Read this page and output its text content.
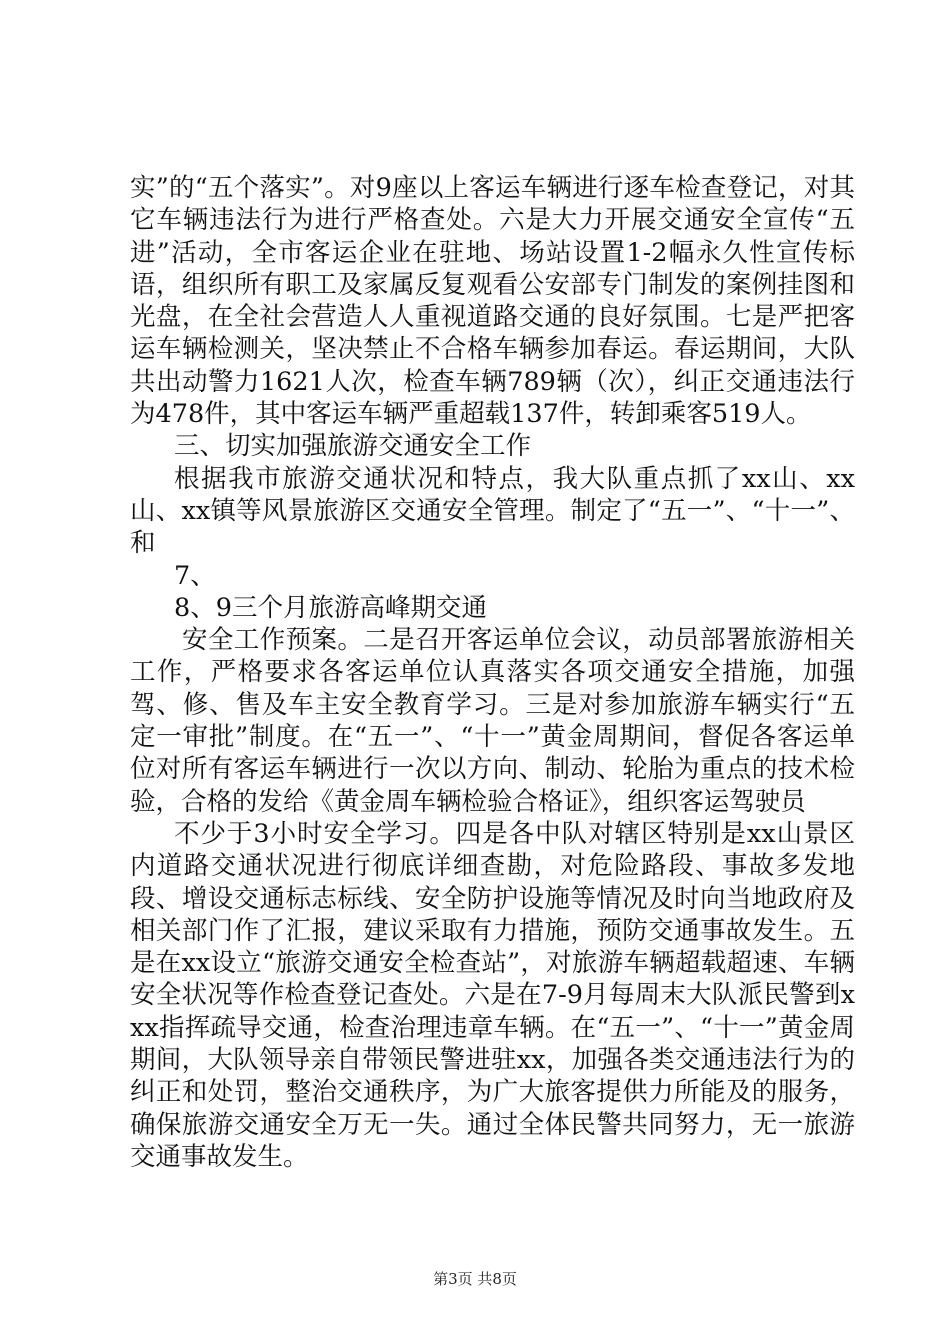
实”的“五个落实”。对9座以上客运车辆进行逐车检查登记，对其它车辆违法行为进行严格查处。六是大力开展交通安全宣传“五进”活动，全市客运企业在驻地、场站设置1-2幅永久性宣传标语，组织所有职工及家属反复观看公安部专门制发的案例挂图和光盘，在全社会营造人人重视道路交通的良好氛围。七是严把客运车辆检测关，坚决禁止不合格车辆参加春运。春运期间，大队共出动警力1621人次，检查车辆789辆（次），纠正交通违法行为478件，其中客运车辆严重超载137件，转卸乘客519人。

三、切实加强旅游交通安全工作

根据我市旅游交通状况和特点，我大队重点抓了xx山、xx山、xx镇等风景旅游区交通安全管理。制定了“五一”、“十一”、和

7、

8、9三个月旅游高峰期交通

安全工作预案。二是召开客运单位会议，动员部署旅游相关工作，严格要求各客运单位认真落实各项交通安全措施，加强驾、修、售及车主安全教育学习。三是对参加旅游车辆实行“五定一审批”制度。在“五一”、“十一”黄金周期间，督促各客运单位对所有客运车辆进行一次以方向、制动、轮胎为重点的技术检验，合格的发给《黄金周车辆检验合格证》，组织客运驾驶员

不少于3小时安全学习。四是各中队对辖区特别是xx山景区内道路交通状况进行彻底详细查勘，对危险路段、事故多发地段、增设交通标志标线、安全防护设施等情况及时向当地政府及相关部门作了汇报，建议采取有力措施，预防交通事故发生。五是在xx设立“旅游交通安全检查站”，对旅游车辆超载超速、车辆安全状况等作检查登记查处。六是在7-9月每周末大队派民警到xxx指挥疏导交通，检查治理违章车辆。在“五一”、“十一”黄金周期间，大队领导亲自带领民警进驻xx，加强各类交通违法行为的纠正和处罚，整治交通秩序，为广大旅客提供力所能及的服务，确保旅游交通安全万无一失。通过全体民警共同努力，无一旅游交通事故发生。

第3页 共8页
